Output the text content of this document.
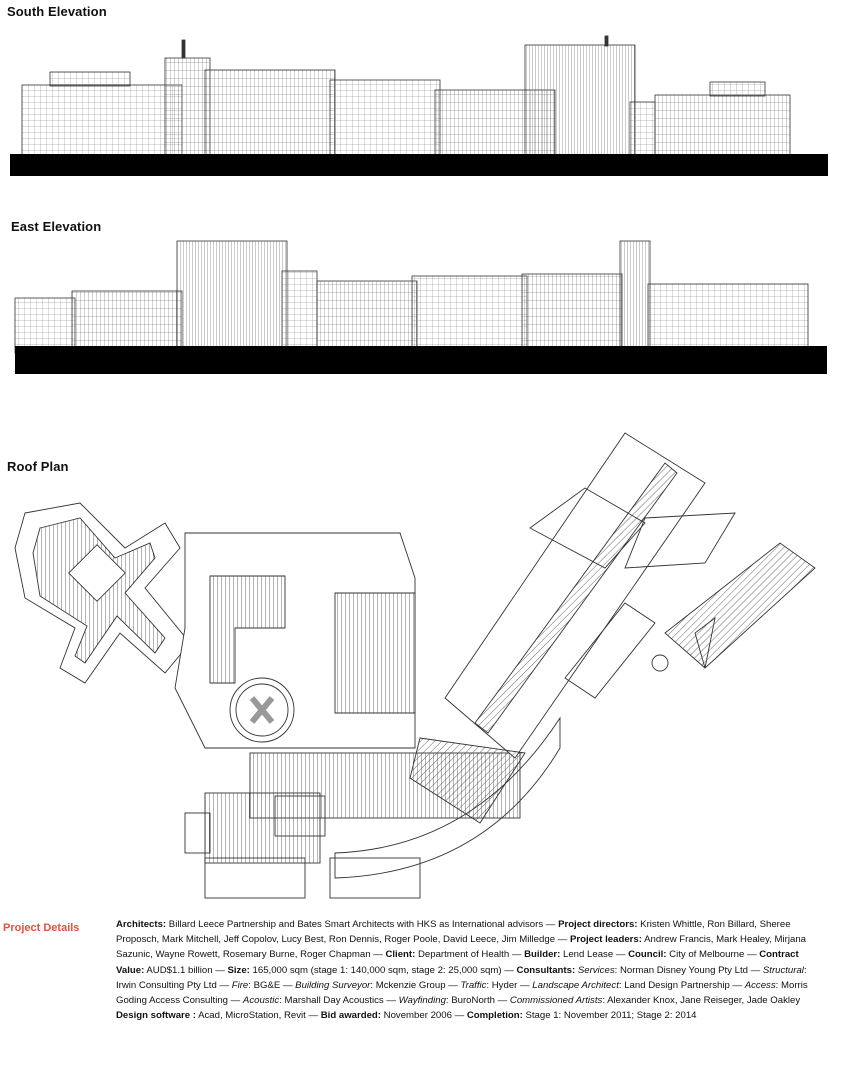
South Elevation
East Elevation
Roof Plan
Project Details	Architects: Billard Leece Partnership and Bates Smart Architects with HKS as International advisors — Project directors: Kristen Whittle, Ron Billard, Sheree Proposch, Mark Mitchell, Jeff Copolov, Lucy Best, Ron Dennis, Roger Poole, David Leece, Jim Milledge — Project leaders: Andrew Francis, Mark Healey, Mirjana Sazunic, Wayne Rowett, Rosemary Burne, Roger Chapman — Client: Department of Health — Builder: Lend Lease — Council: City of Melbourne — Contract Value: AUD$1.1 billion — Size: 165,000 sqm (stage 1: 140,000 sqm, stage 2: 25,000 sqm) — Consultants: Services: Norman Disney Young Pty Ltd — Structural: Irwin Consulting Pty Ltd — Fire: BG&E — Building Surveyor: Mckenzie Group — Traffic: Hyder — Landscape Architect: Land Design Partnership — Access: Morris Goding Access Consulting — Acoustic: Marshall Day Acoustics — Wayfinding: BuroNorth — Commissioned Artists: Alexander Knox, Jane Reiseger, Jade Oakley Design software : Acad, MicroStation, Revit — Bid awarded: November 2006 — Completion: Stage 1: November 2011; Stage 2: 2014
